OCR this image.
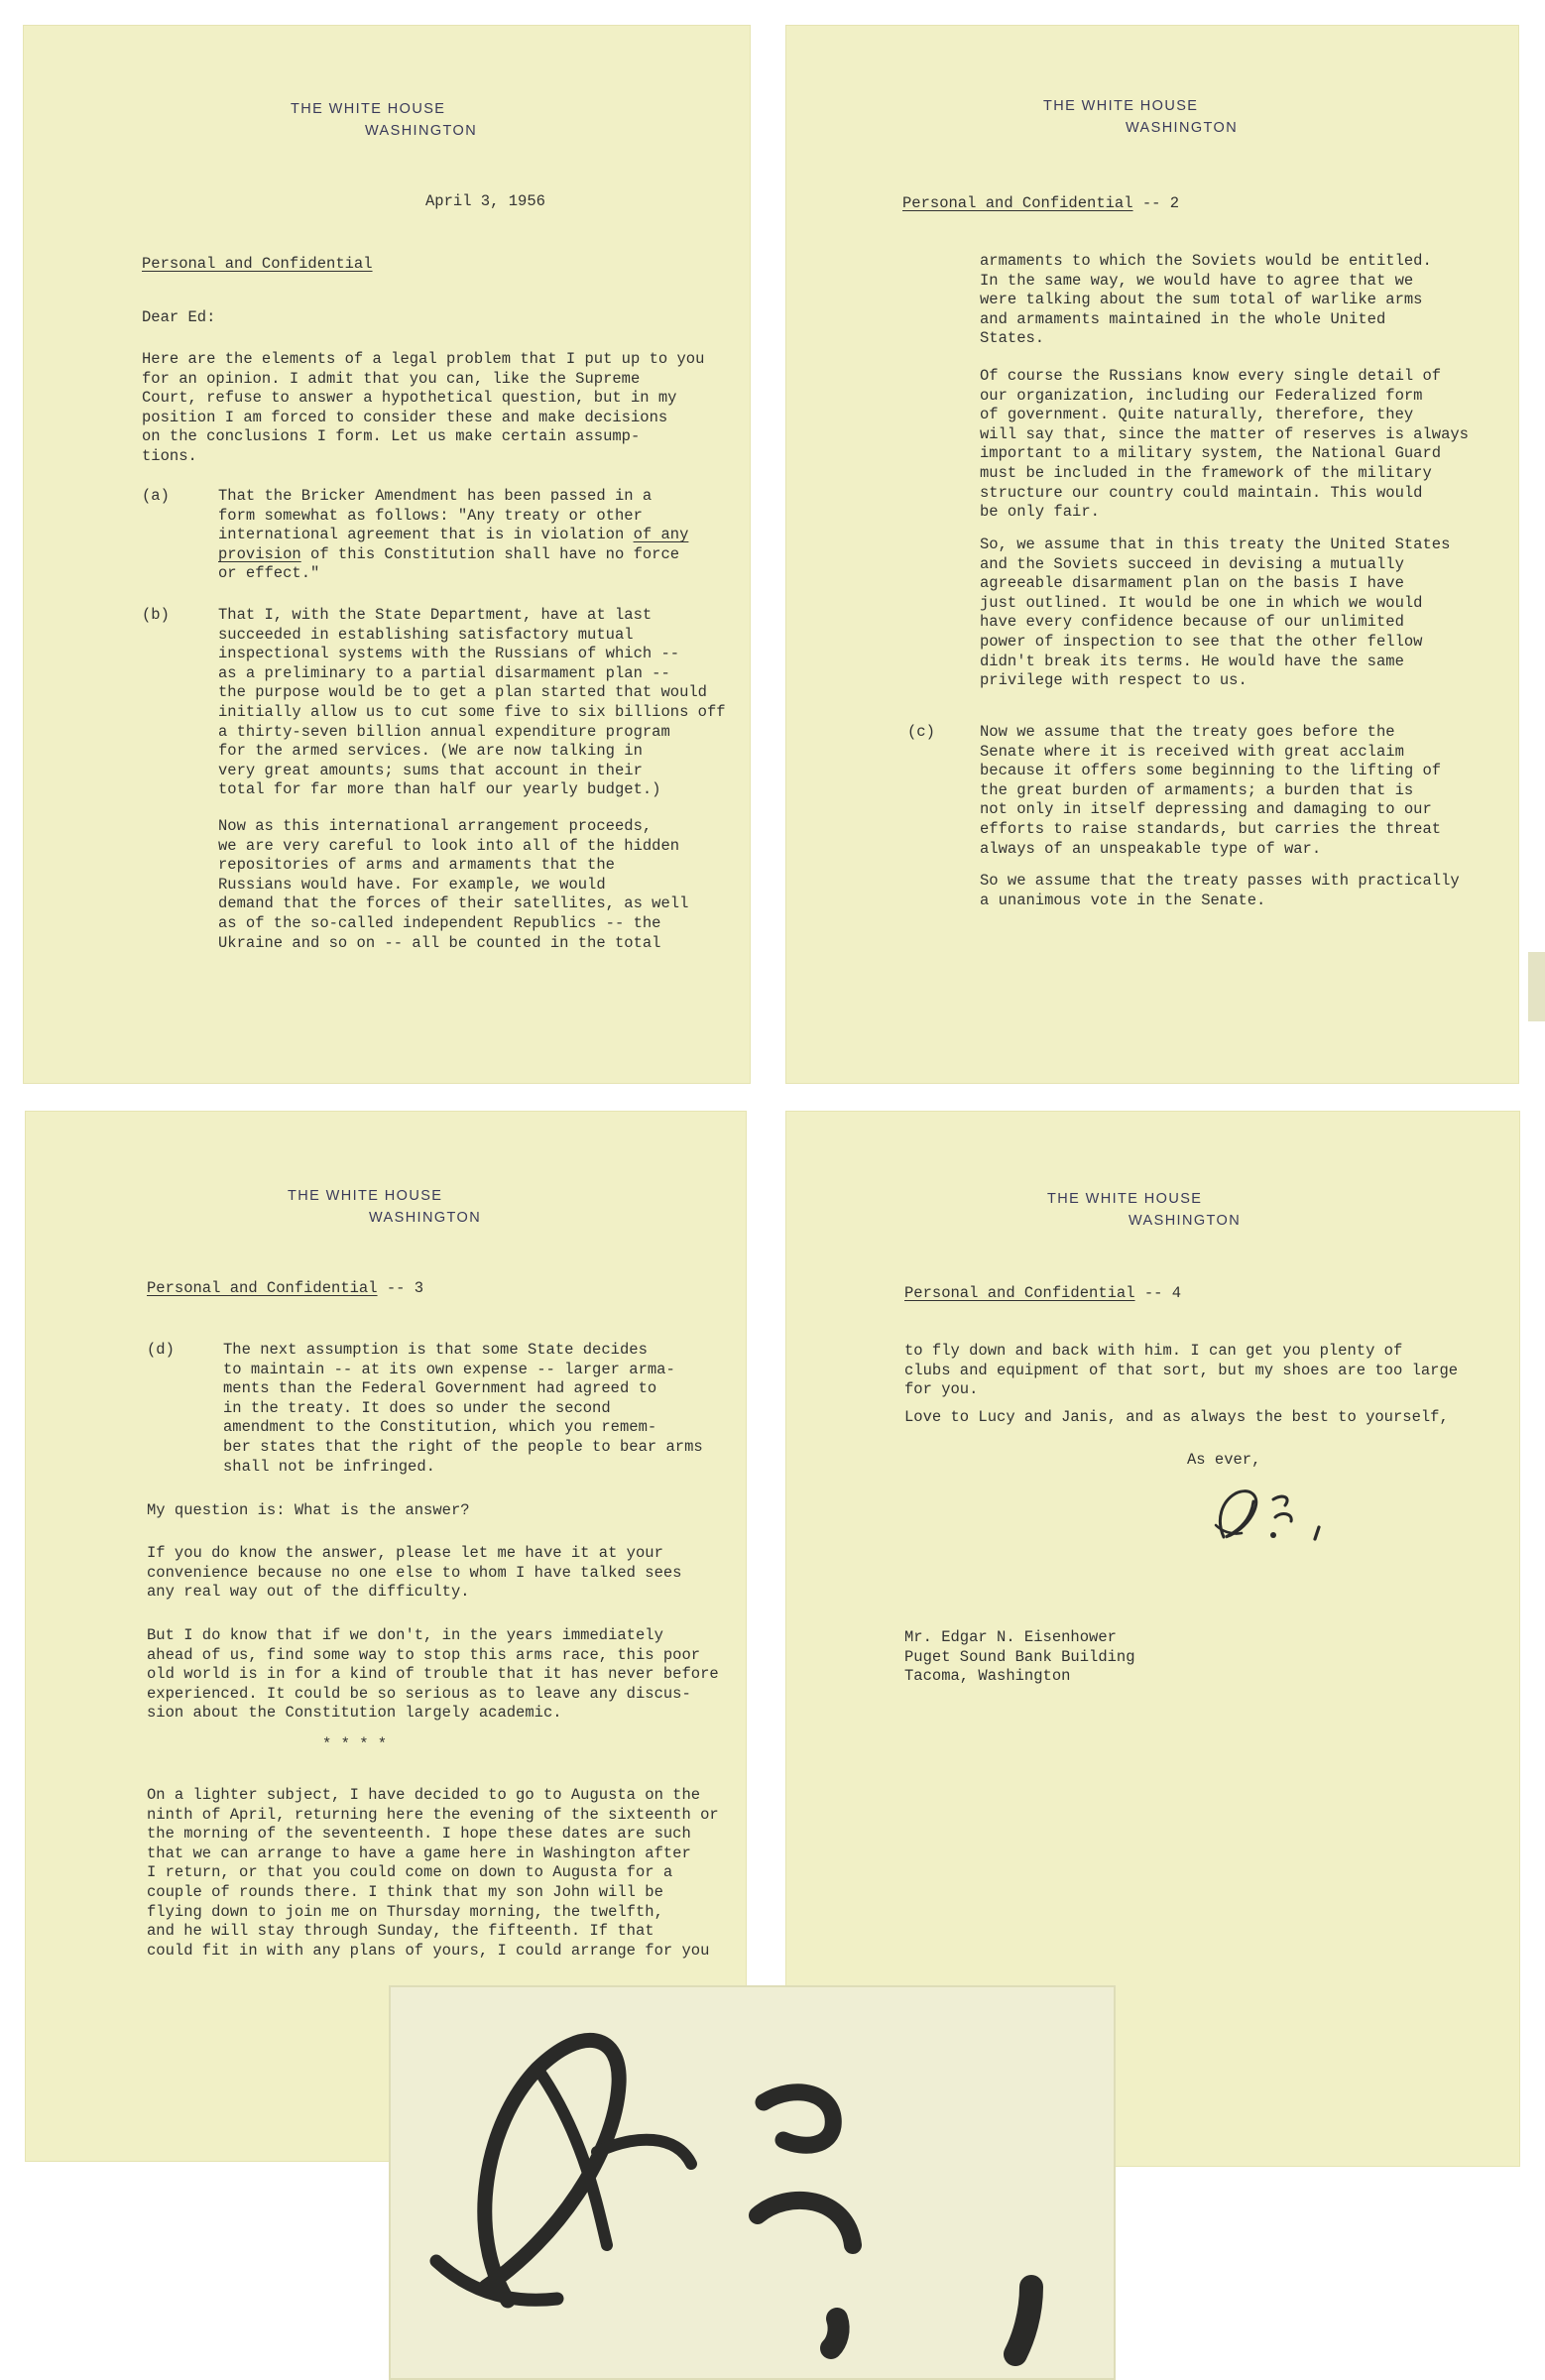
THE WHITE HOUSE
WASHINGTON
April 3, 1956
Personal and Confidential
Dear Ed:
Here are the elements of a legal problem that I put up to you
for an opinion. I admit that you can, like the Supreme
Court, refuse to answer a hypothetical question, but in my
position I am forced to consider these and make decisions
on the conclusions I form. Let us make certain assump-
tions.
(a)	That the Bricker Amendment has been passed in a
form somewhat as follows: "Any treaty or other
international agreement that is in violation of any
provision of this Constitution shall have no force
or effect."
(b)	That I, with the State Department, have at last
succeeded in establishing satisfactory mutual
inspectional systems with the Russians of which --
as a preliminary to a partial disarmament plan --
the purpose would be to get a plan started that would
initially allow us to cut some five to six billions off
a thirty-seven billion annual expenditure program
for the armed services. (We are now talking in
very great amounts; sums that account in their
total for far more than half our yearly budget.)
Now as this international arrangement proceeds,
we are very careful to look into all of the hidden
repositories of arms and armaments that the
Russians would have. For example, we would
demand that the forces of their satellites, as well
as of the so-called independent Republics -- the
Ukraine and so on -- all be counted in the total
THE WHITE HOUSE
WASHINGTON
Personal and Confidential -- 2
armaments to which the Soviets would be entitled.
In the same way, we would have to agree that we
were talking about the sum total of warlike arms
and armaments maintained in the whole United
States.
Of course the Russians know every single detail of
our organization, including our Federalized form
of government. Quite naturally, therefore, they
will say that, since the matter of reserves is always
important to a military system, the National Guard
must be included in the framework of the military
structure our country could maintain. This would
be only fair.
So, we assume that in this treaty the United States
and the Soviets succeed in devising a mutually
agreeable disarmament plan on the basis I have
just outlined. It would be one in which we would
have every confidence because of our unlimited
power of inspection to see that the other fellow
didn't break its terms. He would have the same
privilege with respect to us.
(c)	Now we assume that the treaty goes before the
Senate where it is received with great acclaim
because it offers some beginning to the lifting of
the great burden of armaments; a burden that is
not only in itself depressing and damaging to our
efforts to raise standards, but carries the threat
always of an unspeakable type of war.
So we assume that the treaty passes with practically
a unanimous vote in the Senate.
THE WHITE HOUSE
WASHINGTON
Personal and Confidential -- 3
(d)	The next assumption is that some State decides
to maintain -- at its own expense -- larger arma-
ments than the Federal Government had agreed to
in the treaty. It does so under the second
amendment to the Constitution, which you remem-
ber states that the right of the people to bear arms
shall not be infringed.
My question is: What is the answer?
If you do know the answer, please let me have it at your
convenience because no one else to whom I have talked sees
any real way out of the difficulty.
But I do know that if we don't, in the years immediately
ahead of us, find some way to stop this arms race, this poor
old world is in for a kind of trouble that it has never before
experienced. It could be so serious as to leave any discus-
sion about the Constitution largely academic.
* * * *
On a lighter subject, I have decided to go to Augusta on the
ninth of April, returning here the evening of the sixteenth or
the morning of the seventeenth. I hope these dates are such
that we can arrange to have a game here in Washington after
I return, or that you could come on down to Augusta for a
couple of rounds there. I think that my son John will be
flying down to join me on Thursday morning, the twelfth,
and he will stay through Sunday, the fifteenth. If that
could fit in with any plans of yours, I could arrange for you
THE WHITE HOUSE
WASHINGTON
Personal and Confidential -- 4
to fly down and back with him. I can get you plenty of
clubs and equipment of that sort, but my shoes are too large
for you.
Love to Lucy and Janis, and as always the best to yourself,
As ever,
Mr. Edgar N. Eisenhower
Puget Sound Bank Building
Tacoma, Washington
